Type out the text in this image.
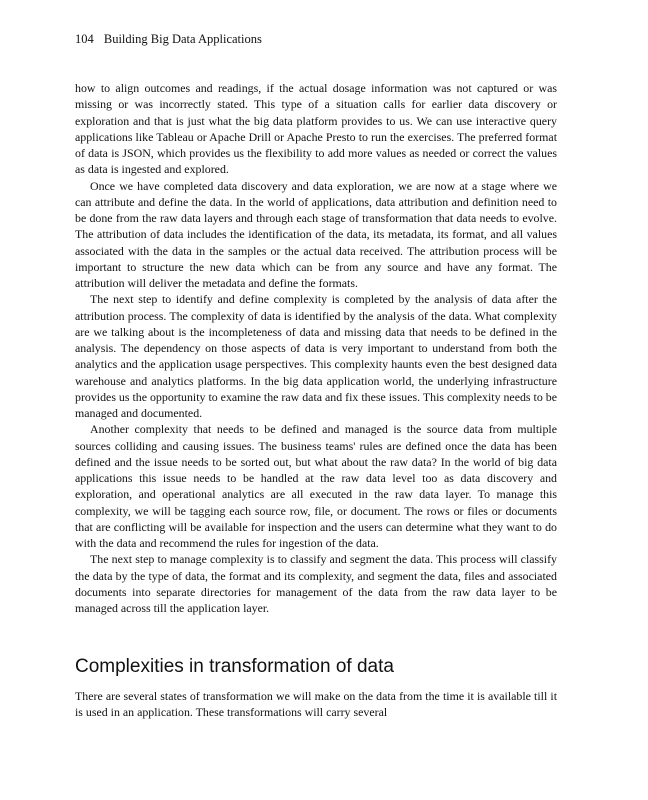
104 Building Big Data Applications

how to align outcomes and readings, if the actual dosage information was not captured or was missing or was incorrectly stated. This type of a situation calls for earlier data discovery or exploration and that is just what the big data platform provides to us. We can use interactive query applications like Tableau or Apache Drill or Apache Presto to run the exercises. The preferred format of data is JSON, which provides us the flexibility to add more values as needed or correct the values as data is ingested and explored.

Once we have completed data discovery and data exploration, we are now at a stage where we can attribute and define the data. In the world of applications, data attribution and definition need to be done from the raw data layers and through each stage of transformation that data needs to evolve. The attribution of data includes the identification of the data, its metadata, its format, and all values associated with the data in the samples or the actual data received. The attribution process will be important to structure the new data which can be from any source and have any format. The attribution will deliver the metadata and define the formats.

The next step to identify and define complexity is completed by the analysis of data after the attribution process. The complexity of data is identified by the analysis of the data. What complexity are we talking about is the incompleteness of data and missing data that needs to be defined in the analysis. The dependency on those aspects of data is very important to understand from both the analytics and the application usage perspectives. This complexity haunts even the best designed data warehouse and analytics platforms. In the big data application world, the underlying infrastructure provides us the opportunity to examine the raw data and fix these issues. This complexity needs to be managed and documented.

Another complexity that needs to be defined and managed is the source data from multiple sources colliding and causing issues. The business teams' rules are defined once the data has been defined and the issue needs to be sorted out, but what about the raw data? In the world of big data applications this issue needs to be handled at the raw data level too as data discovery and exploration, and operational analytics are all executed in the raw data layer. To manage this complexity, we will be tagging each source row, file, or document. The rows or files or documents that are conflicting will be available for inspection and the users can determine what they want to do with the data and recommend the rules for ingestion of the data.

The next step to manage complexity is to classify and segment the data. This process will classify the data by the type of data, the format and its complexity, and segment the data, files and associated documents into separate directories for management of the data from the raw data layer to be managed across till the application layer.

Complexities in transformation of data

There are several states of transformation we will make on the data from the time it is available till it is used in an application. These transformations will carry several
